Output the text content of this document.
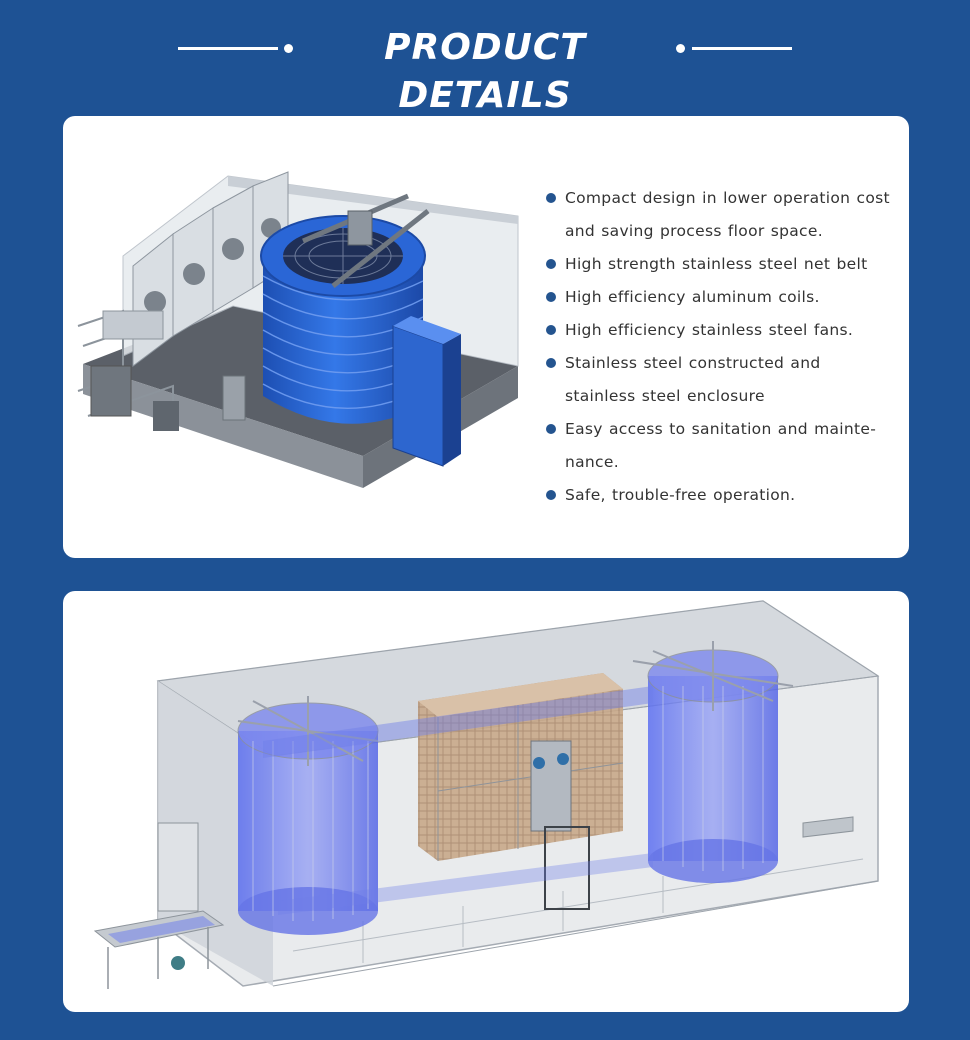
PRODUCT DETAILS
Compact design in lower operation cost and saving process floor space.
High strength stainless steel net belt
High efficiency aluminum coils.
High efficiency stainless steel fans.
Stainless steel constructed and stainless steel enclosure
Easy access to sanitation and mainte-nance.
Safe, trouble-free operation.
